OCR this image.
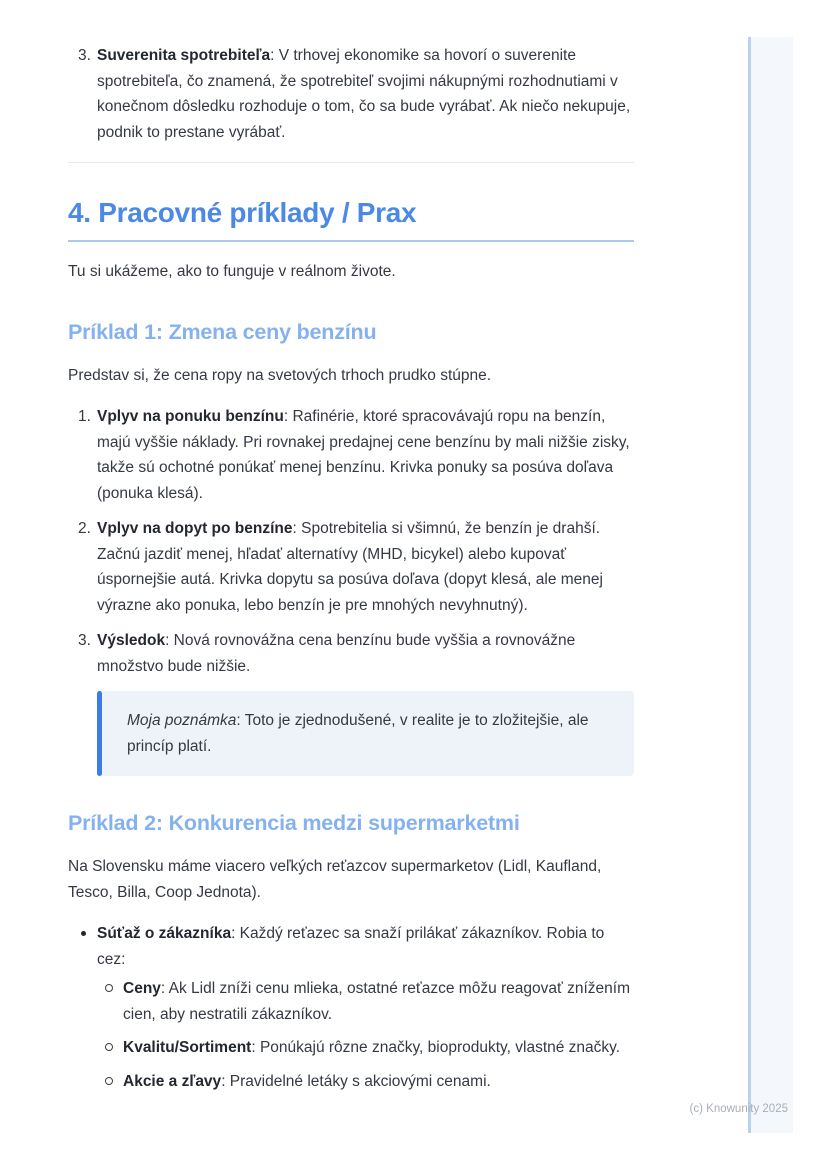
3. Suverenita spotrebiteľa: V trhovej ekonomike sa hovorí o suverenite spotrebiteľa, čo znamená, že spotrebiteľ svojimi nákupnými rozhodnutiami v konečnom dôsledku rozhoduje o tom, čo sa bude vyrábať. Ak niečo nekupuje, podnik to prestane vyrábať.
4. Pracovné príklady / Prax

Tu si ukážeme, ako to funguje v reálnom živote.

Príklad 1: Zmena ceny benzínu

Predstav si, že cena ropy na svetových trhoch prudko stúpne.

1. Vplyv na ponuku benzínu: Rafinérie, ktoré spracovávajú ropu na benzín, majú vyššie náklady. Pri rovnakej predajnej cene benzínu by mali nižšie zisky, takže sú ochotné ponúkať menej benzínu. Krivka ponuky sa posúva doľava (ponuka klesá).
2. Vplyv na dopyt po benzíne: Spotrebitelia si všimnú, že benzín je drahší. Začnú jazdiť menej, hľadať alternatívy (MHD, bicykel) alebo kupovať úspornejšie autá. Krivka dopytu sa posúva doľava (dopyt klesá, ale menej výrazne ako ponuka, lebo benzín je pre mnohých nevyhnutný).
3. Výsledok: Nová rovnovážna cena benzínu bude vyššia a rovnovážne množstvo bude nižšie.
Moja poznámka: Toto je zjednodušené, v realite je to zložitejšie, ale princíp platí.
Príklad 2: Konkurencia medzi supermarketmi

Na Slovensku máme viacero veľkých reťazcov supermarketov (Lidl, Kaufland, Tesco, Billa, Coop Jednota).

Súťaž o zákazníka: Každý reťazec sa snaží prilákať zákazníkov. Robia to cez:
Ceny: Ak Lidl zníži cenu mlieka, ostatné reťazce môžu reagovať znížením cien, aby nestratili zákazníkov.
Kvalitu/Sortiment: Ponúkajú rôzne značky, bioprodukty, vlastné značky.
Akcie a zľavy: Pravidelné letáky s akciovými cenami.
(c) Knowunity 2025
